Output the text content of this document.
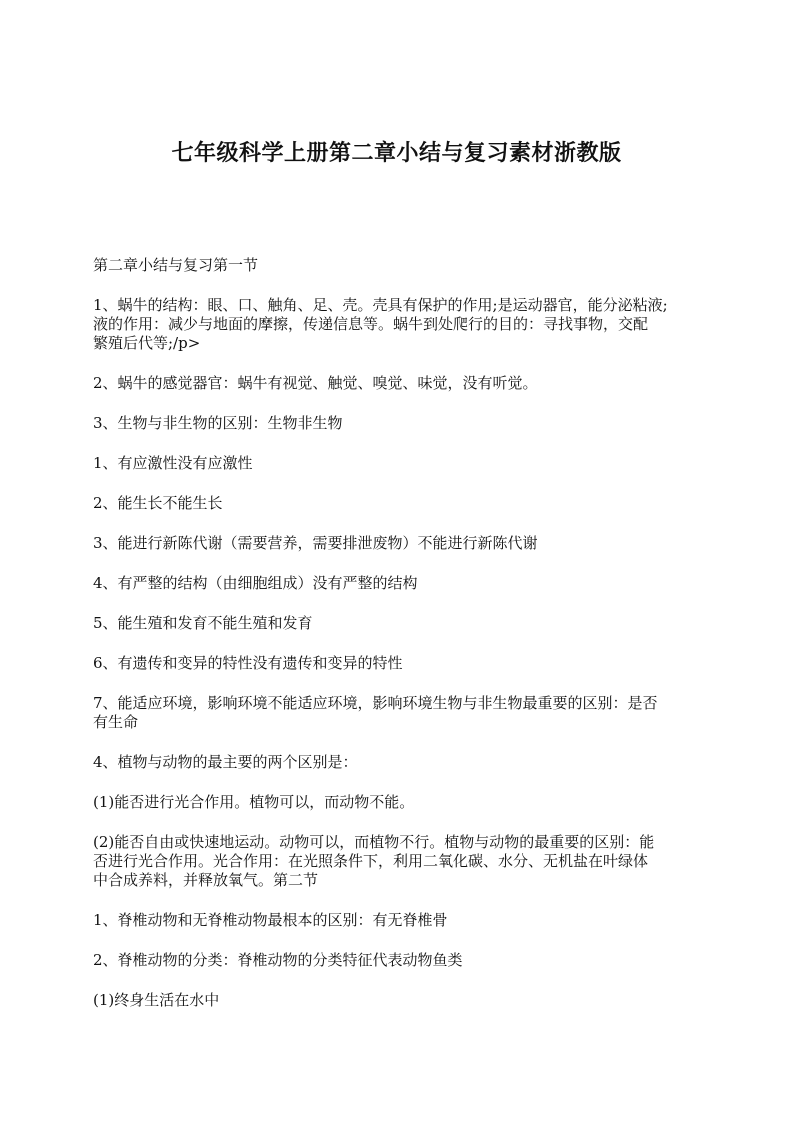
七年级科学上册第二章小结与复习素材浙教版

第二章小结与复习第一节

1、蜗牛的结构：眼、口、触角、足、壳。壳具有保护的作用;是运动器官，能分泌粘液;
液的作用：减少与地面的摩擦，传递信息等。蜗牛到处爬行的目的：寻找事物，交配
繁殖后代等;/p>

2、蜗牛的感觉器官：蜗牛有视觉、触觉、嗅觉、味觉，没有听觉。

3、生物与非生物的区别：生物非生物

1、有应激性没有应激性

2、能生长不能生长

3、能进行新陈代谢（需要营养，需要排泄废物）不能进行新陈代谢

4、有严整的结构（由细胞组成）没有严整的结构

5、能生殖和发育不能生殖和发育

6、有遗传和变异的特性没有遗传和变异的特性

7、能适应环境，影响环境不能适应环境，影响环境生物与非生物最重要的区别：是否
有生命

4、植物与动物的最主要的两个区别是：

(1)能否进行光合作用。植物可以，而动物不能。

(2)能否自由或快速地运动。动物可以，而植物不行。植物与动物的最重要的区别：能
否进行光合作用。光合作用：在光照条件下，利用二氧化碳、水分、无机盐在叶绿体
中合成养料，并释放氧气。第二节

1、脊椎动物和无脊椎动物最根本的区别：有无脊椎骨

2、脊椎动物的分类：脊椎动物的分类特征代表动物鱼类

(1)终身生活在水中
